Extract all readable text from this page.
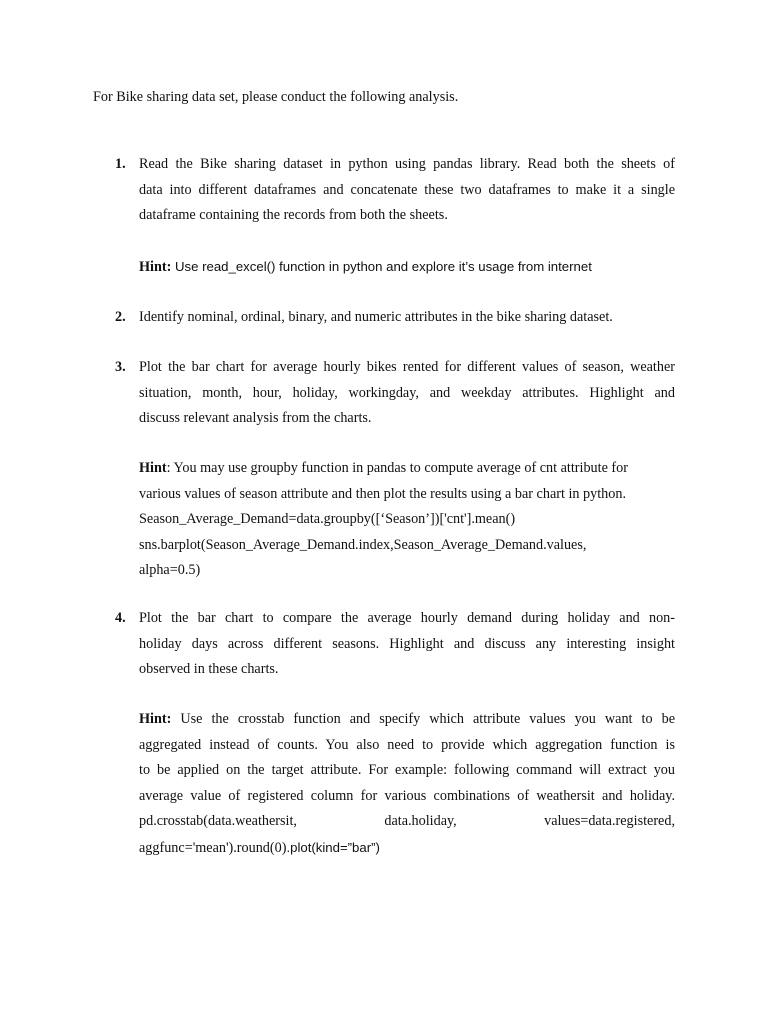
For Bike sharing data set, please conduct the following analysis.
1. Read the Bike sharing dataset in python using pandas library. Read both the sheets of
data into different dataframes and concatenate these two dataframes to make it a single
dataframe containing the records from both the sheets.
Hint: Use read_excel() function in python and explore it’s usage from internet
2. Identify nominal, ordinal, binary, and numeric attributes in the bike sharing dataset.
3. Plot the bar chart for average hourly bikes rented for different values of season, weather
situation, month, hour, holiday, workingday, and weekday attributes. Highlight and
discuss relevant analysis from the charts.
Hint: You may use groupby function in pandas to compute average of cnt attribute for
various values of season attribute and then plot the results using a bar chart in python.
Season_Average_Demand=data.groupby([‘Season’])['cnt'].mean()
sns.barplot(Season_Average_Demand.index,Season_Average_Demand.values,
alpha=0.5)
4. Plot the bar chart to compare the average hourly demand during holiday and non-
holiday days across different seasons. Highlight and discuss any interesting insight
observed in these charts.
Hint: Use the crosstab function and specify which attribute values you want to be
aggregated instead of counts. You also need to provide which aggregation function is
to be applied on the target attribute. For example: following command will extract you
average value of registered column for various combinations of weathersit and holiday.
pd.crosstab(data.weathersit, data.holiday, values=data.registered,
aggfunc='mean').round(0).plot(kind=”bar”)
